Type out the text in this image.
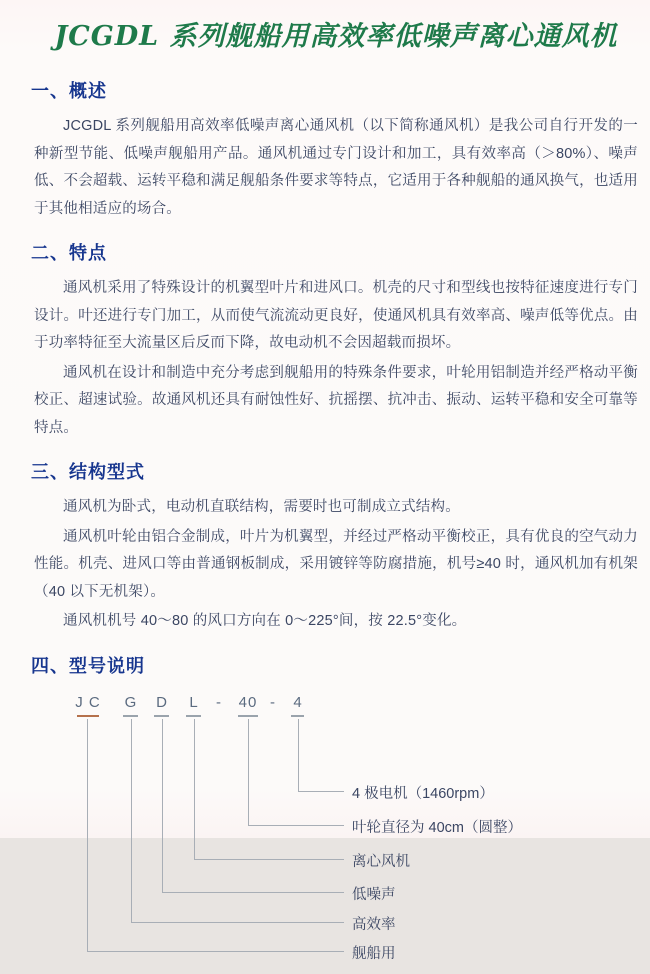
JCGDL 系列舰船用高效率低噪声离心通风机
一、概述

JCGDL 系列舰船用高效率低噪声离心通风机（以下简称通风机）是我公司自行开发的一种新型节能、低噪声舰船用产品。通风机通过专门设计和加工，具有效率高（＞80%）、噪声低、不会超载、运转平稳和满足舰船条件要求等特点，它适用于各种舰船的通风换气，也适用于其他相适应的场合。

二、特点

通风机采用了特殊设计的机翼型叶片和进风口。机壳的尺寸和型线也按特征速度进行专门设计。叶还进行专门加工，从而使气流流动更良好，使通风机具有效率高、噪声低等优点。由于功率特征至大流量区后反而下降，故电动机不会因超载而损坏。

通风机在设计和制造中充分考虑到舰船用的特殊条件要求，叶轮用铝制造并经严格动平衡校正、超速试验。故通风机还具有耐蚀性好、抗摇摆、抗冲击、振动、运转平稳和安全可靠等特点。

三、结构型式

通风机为卧式，电动机直联结构，需要时也可制成立式结构。

通风机叶轮由铝合金制成，叶片为机翼型，并经过严格动平衡校正，具有优良的空气动力性能。机壳、进风口等由普通钢板制成，采用镀锌等防腐措施，机号≥40 时，通风机加有机架（40 以下无机架）。

通风机机号 40～80 的风口方向在 0～225°间，按 22.5°变化。

四、型号说明
J C G D L	-	40 -	4
4 极电机（1460rpm）
叶轮直径为 40cm（圆整）
离心风机
低噪声
高效率
舰船用
